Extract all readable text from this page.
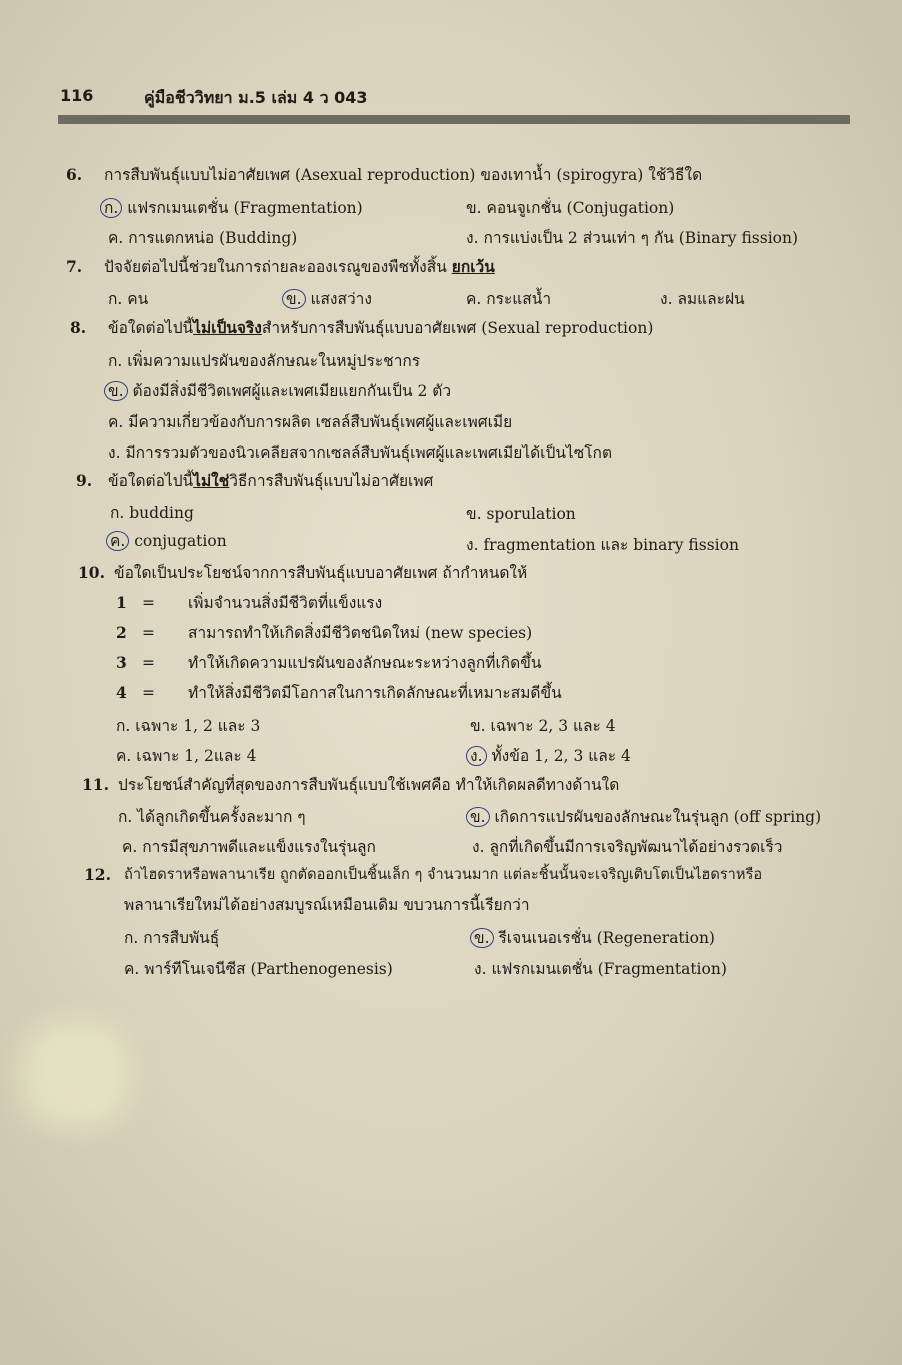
116	คู่มือชีววิทยา ม.5 เล่ม 4 ว 043
6. การสืบพันธุ์แบบไม่อาศัยเพศ (Asexual reproduction) ของเทาน้ำ (spirogyra) ใช้วิธีใด
ก. แฟรกเมนเตชั่น (Fragmentation)	ข. คอนจูเกชั่น (Conjugation)
ค. การแตกหน่อ (Budding)	ง. การแบ่งเป็น 2 ส่วนเท่า ๆ กัน (Binary fission)
7. ปัจจัยต่อไปนี้ช่วยในการถ่ายละอองเรณูของพืชทั้งสิ้น ยกเว้น
ก. คน	ข. แสงสว่าง	ค. กระแสน้ำ	ง. ลมและฝน
8. ข้อใดต่อไปนี้ไม่เป็นจริงสำหรับการสืบพันธุ์แบบอาศัยเพศ (Sexual reproduction)
ก. เพิ่มความแปรผันของลักษณะในหมู่ประชากร
ข. ต้องมีสิ่งมีชีวิตเพศผู้และเพศเมียแยกกันเป็น 2 ตัว
ค. มีความเกี่ยวข้องกับการผลิต เซลล์สืบพันธุ์เพศผู้และเพศเมีย
ง. มีการรวมตัวของนิวเคลียสจากเซลล์สืบพันธุ์เพศผู้และเพศเมียได้เป็นไซโกต
9. ข้อใดต่อไปนี้ไม่ใช่วิธีการสืบพันธุ์แบบไม่อาศัยเพศ
ก. budding	ข. sporulation
ค. conjugation	ง. fragmentation และ binary fission
10. ข้อใดเป็นประโยชน์จากการสืบพันธุ์แบบอาศัยเพศ ถ้ากำหนดให้
1 = เพิ่มจำนวนสิ่งมีชีวิตที่แข็งแรง
2 = สามารถทำให้เกิดสิ่งมีชีวิตชนิดใหม่ (new species)
3 = ทำให้เกิดความแปรผันของลักษณะระหว่างลูกที่เกิดขึ้น
4 = ทำให้สิ่งมีชีวิตมีโอกาสในการเกิดลักษณะที่เหมาะสมดีขึ้น
ก. เฉพาะ 1, 2 และ 3	ข. เฉพาะ 2, 3 และ 4
ค. เฉพาะ 1, 2และ 4	ง. ทั้งข้อ 1, 2, 3 และ 4
11. ประโยชน์สำคัญที่สุดของการสืบพันธุ์แบบใช้เพศคือ ทำให้เกิดผลดีทางด้านใด
ก. ได้ลูกเกิดขึ้นครั้งละมาก ๆ	ข. เกิดการแปรผันของลักษณะในรุ่นลูก (off spring)
ค. การมีสุขภาพดีและแข็งแรงในรุ่นลูก	ง. ลูกที่เกิดขึ้นมีการเจริญพัฒนาได้อย่างรวดเร็ว
12. ถ้าไฮดราหรือพลานาเรีย ถูกตัดออกเป็นชิ้นเล็ก ๆ จำนวนมาก แต่ละชิ้นนั้นจะเจริญเติบโตเป็นไฮดราหรือ
พลานาเรียใหม่ได้อย่างสมบูรณ์เหมือนเดิม ขบวนการนี้เรียกว่า
ก. การสืบพันธุ์	ข. รีเจนเนอเรชั่น (Regeneration)
ค. พาร์ทีโนเจนีซีส (Parthenogenesis)	ง. แฟรกเมนเตชั่น (Fragmentation)
